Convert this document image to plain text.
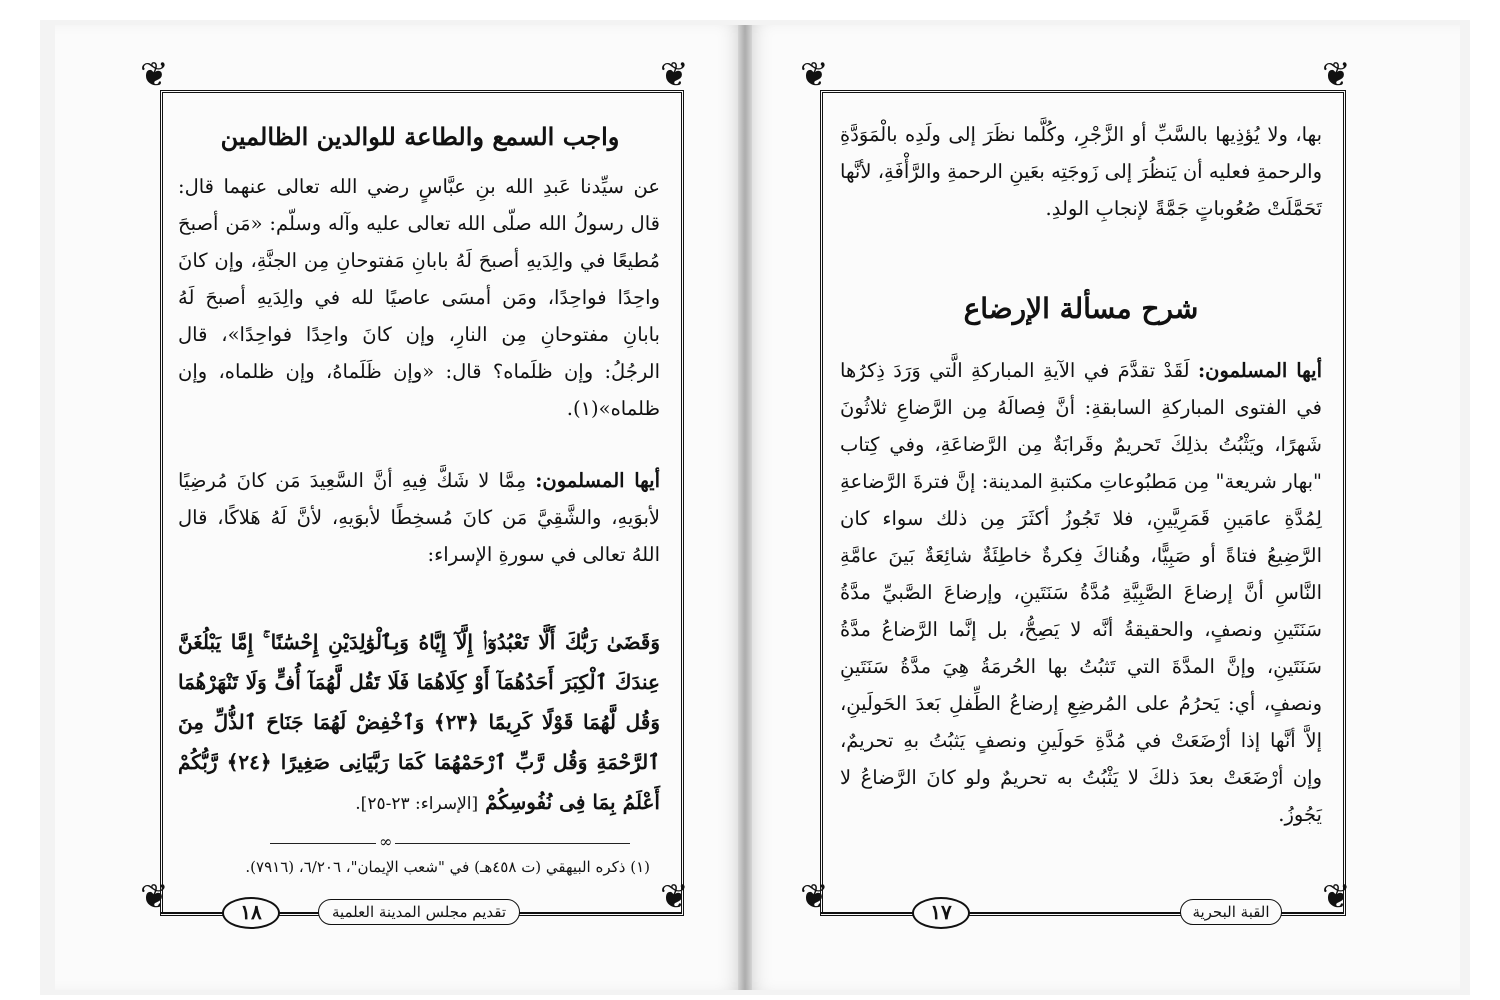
❦	❦
❦	❦
❦	❦
❦	❦
واجب السمع والطاعة للوالدين الظالمين
عن سيِّدنا عَبدِ الله بنِ عبَّاسٍ رضي الله تعالى عنهما قال: قال رسولُ الله صلّى الله تعالى عليه وآله وسلّم: «مَن أصبحَ مُطيعًا في والِدَيهِ أصبحَ لَهُ بابانِ مَفتوحانِ مِن الجنَّةِ، وإن كانَ واحِدًا فواحِدًا، ومَن أمسَى عاصيًا لله في والِدَيهِ أصبحَ لَهُ بابانِ مفتوحانِ مِن النارِ، وإن كانَ واحِدًا فواحِدًا»، قال الرجُلُ: وإن ظلَماه؟ قال: «وإن ظَلَماهُ، وإن ظلماه، وإن ظلماه»(١).
أيها المسلمون: مِمَّا لا شَكَّ فِيهِ أنَّ السَّعِيدَ مَن كانَ مُرضِيًا لأبوَيهِ، والشَّقِيَّ مَن كانَ مُسخِطًا لأبوَيهِ، لأنَّ لَهُ هَلاكًا، قال اللهُ تعالى في سورةِ الإسراء:
وَقَضَىٰ رَبُّكَ أَلَّا تَعْبُدُوٓا۟ إِلَّآ إِيَّاهُ وَبِٱلْوَٰلِدَيْنِ إِحْسَٰنًا ۚ إِمَّا يَبْلُغَنَّ عِندَكَ ٱلْكِبَرَ أَحَدُهُمَآ أَوْ كِلَاهُمَا فَلَا تَقُل لَّهُمَآ أُفٍّ وَلَا تَنْهَرْهُمَا وَقُل لَّهُمَا قَوْلًا كَرِيمًا ﴿٢٣﴾ وَٱخْفِضْ لَهُمَا جَنَاحَ ٱلذُّلِّ مِنَ ٱلرَّحْمَةِ وَقُل رَّبِّ ٱرْحَمْهُمَا كَمَا رَبَّيَانِى صَغِيرًا ﴿٢٤﴾ رَّبُّكُمْ أَعْلَمُ بِمَا فِى نُفُوسِكُمْ [الإسراء: ٢٣-٢٥].
∞
(١) ذكره البيهقي (ت ٤٥٨هـ) في "شعب الإيمان"، ٦/٢٠٦، (٧٩١٦).
١٨	تقديم مجلس المدينة العلمية
بها، ولا يُؤذِيها بالسَّبِّ أو الزَّجْرِ، وكُلَّما نظَرَ إلى ولَدِه بالْمَوَدَّةِ والرحمةِ فعليه أن يَنظُرَ إلى زَوجَتِه بعَينِ الرحمةِ والرَّأْفَةِ، لأنَّها تَحَمَّلَتْ صُعُوباتٍ جَمَّةً لإنجابِ الولدِ.
شرح مسألة الإرضاع
أيها المسلمون: لَقَدْ تقدَّمَ في الآيةِ المباركةِ الَّتي وَرَدَ ذِكرُها في الفتوى المباركةِ السابقةِ: أنَّ فِصالَهُ مِن الرَّضاعِ ثلاثُونَ شَهرًا، ويَثْبُتُ بذلِكَ تَحريمٌ وقَرابَةٌ مِن الرَّضاعَةِ، وفي كِتاب "بهار شريعة" مِن مَطبُوعاتِ مكتبةِ المدينة: إنَّ فترةَ الرَّضاعةِ لِمُدَّةِ عامَينِ قَمَرِيَّينِ، فلا تَجُوزُ أكثَرَ مِن ذلك سواء كان الرَّضِيعُ فتاةً أو صَبِيًّا، وهُناكَ فِكرةٌ خاطِئَةٌ شائِعَةٌ بَينَ عامَّةِ النَّاسِ أنَّ إرضاعَ الصَّبِيَّةِ مُدَّةُ سَنَتَينِ، وإرضاعَ الصَّبيِّ مدَّةُ سَنَتَينِ ونصفٍ، والحقيقةُ أنَّه لا يَصِحُّ، بل إنَّما الرَّضاعُ مدَّةُ سَنَتَينِ، وإنَّ المدَّةَ التي تَثبُتُ بها الحُرمَةُ هِيَ مدَّةُ سَنَتَينِ ونصفٍ، أي: يَحرُمُ على المُرضِعِ إرضاعُ الطِّفلِ بَعدَ الحَولَينِ، إلاَّ أنَّها إذا أرْضَعَتْ في مُدَّةِ حَولَينِ ونصفٍ يَثبُتُ بهِ تحريمٌ، وإن أرْضَعَتْ بعدَ ذلكَ لا يَثْبُتُ به تحريمٌ ولو كانَ الرَّضاعُ لا يَجُوزُ.
١٧	القبة البحرية
